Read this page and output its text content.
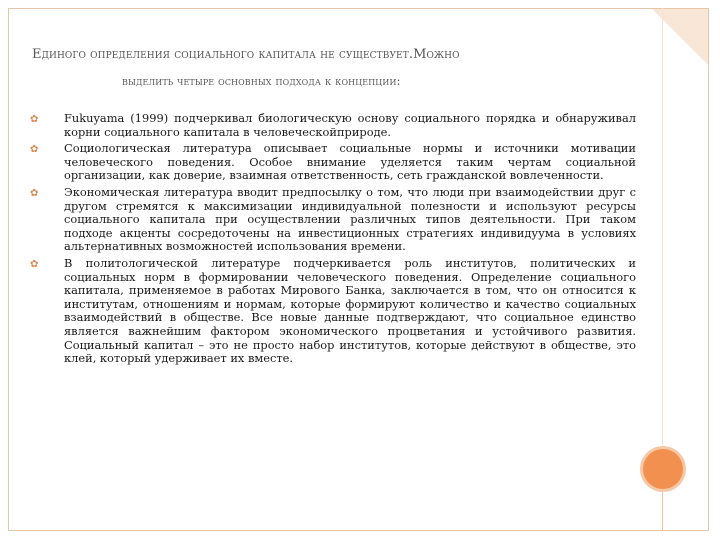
Единого определения социального капитала не существует.Можно
выделить четыре основных подхода к концепции:
✿ Fukuyama (1999) подчеркивал биологическую основу социального порядка и обнаруживал корни социального капитала в человеческойприроде.
✿ Социологическая литература описывает социальные нормы и источники мотивации человеческого поведения. Особое внимание уделяется таким чертам социальной организации, как доверие, взаимная ответственность, сеть гражданской вовлеченности.
✿ Экономическая литература вводит предпосылку о том, что люди при взаимодействии друг с другом стремятся к максимизации индивидуальной полезности и используют ресурсы социального капитала при осуществлении различных типов деятельности. При таком подходе акценты сосредоточены на инвестиционных стратегиях индивидуума в условиях альтернативных возможностей использования времени.
✿ В политологической литературе подчеркивается роль институтов, политических и социальных норм в формировании человеческого поведения. Определение социального капитала, применяемое в работах Мирового Банка, заключается в том, что он относится к институтам, отношениям и нормам, которые формируют количество и качество социальных взаимодействий в обществе. Все новые данные подтверждают, что социальное единство является важнейшим фактором экономического процветания и устойчивого развития. Социальный капитал – это не просто набор институтов, которые действуют в обществе, это клей, который удерживает их вместе.
